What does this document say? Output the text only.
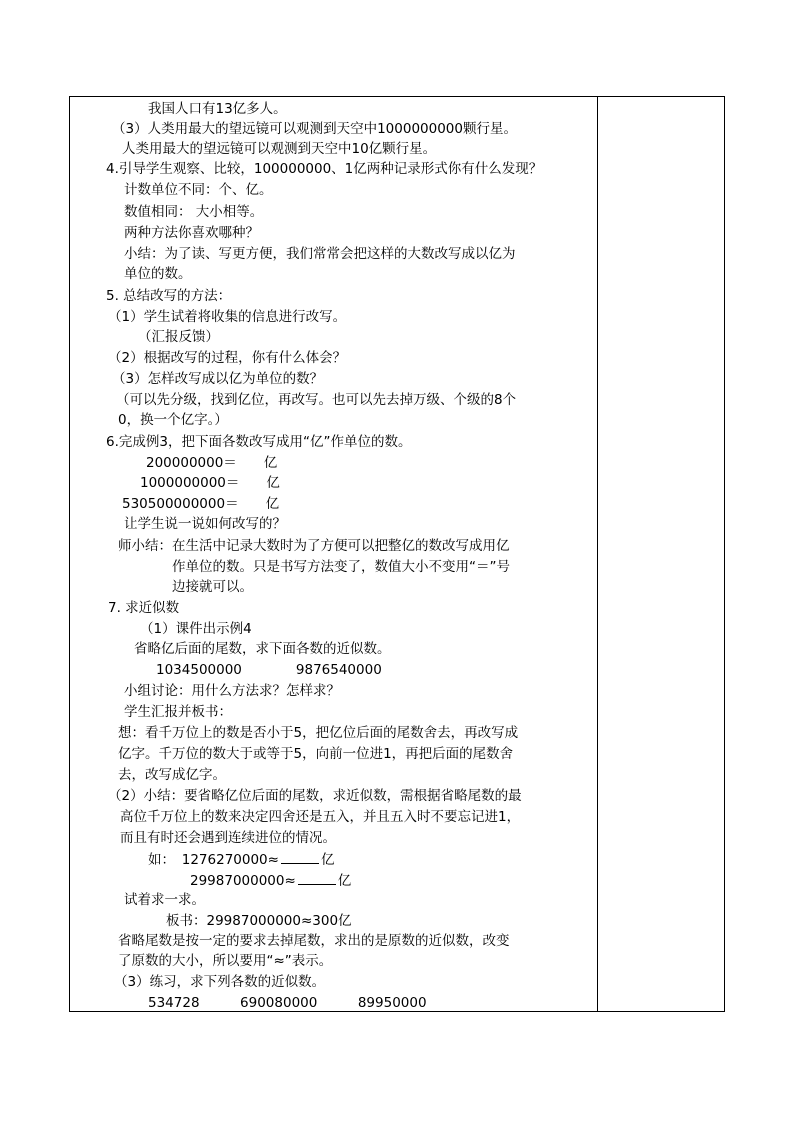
我国人口有13亿多人。
（3）人类用最大的望远镜可以观测到天空中1000000000颗行星。
人类用最大的望远镜可以观测到天空中10亿颗行星。
4.引导学生观察、比较，100000000、1亿两种记录形式你有什么发现？
计数单位不同：个、亿。
数值相同： 大小相等。
两种方法你喜欢哪种？
小结：为了读、写更方便，我们常常会把这样的大数改写成以亿为
单位的数。
5. 总结改写的方法：
（1）学生试着将收集的信息进行改写。
（汇报反馈）
（2）根据改写的过程，你有什么体会？
（3）怎样改写成以亿为单位的数？
（可以先分级，找到亿位，再改写。也可以先去掉万级、个级的8个
0，换一个亿字。）
6.完成例3，把下面各数改写成用“亿”作单位的数。
200000000＝　　亿
1000000000＝　　亿
530500000000＝　　亿
让学生说一说如何改写的？
师小结：在生活中记录大数时为了方便可以把整亿的数改写成用亿
作单位的数。只是书写方法变了，数值大小不变用“＝”号
边接就可以。
7. 求近似数
（1）课件出示例4
省略亿后面的尾数，求下面各数的近似数。
1034500000　　　　9876540000
小组讨论：用什么方法求？怎样求？
学生汇报并板书：
想：看千万位上的数是否小于5，把亿位后面的尾数舍去，再改写成
亿字。千万位的数大于或等于5，向前一位进1，再把后面的尾数舍
去，改写成亿字。
（2）小结：要省略亿位后面的尾数，求近似数，需根据省略尾数的最
高位千万位上的数来决定四舍还是五入，并且五入时不要忘记进1，
而且有时还会遇到连续进位的情况。
如：　1276270000≈	亿
29987000000≈	亿
试着求一求。
板书：29987000000≈300亿
省略尾数是按一定的要求去掉尾数，求出的是原数的近似数，改变
了原数的大小，所以要用“≈”表示。
（3）练习，求下列各数的近似数。
534728　　　690080000　　　89950000
